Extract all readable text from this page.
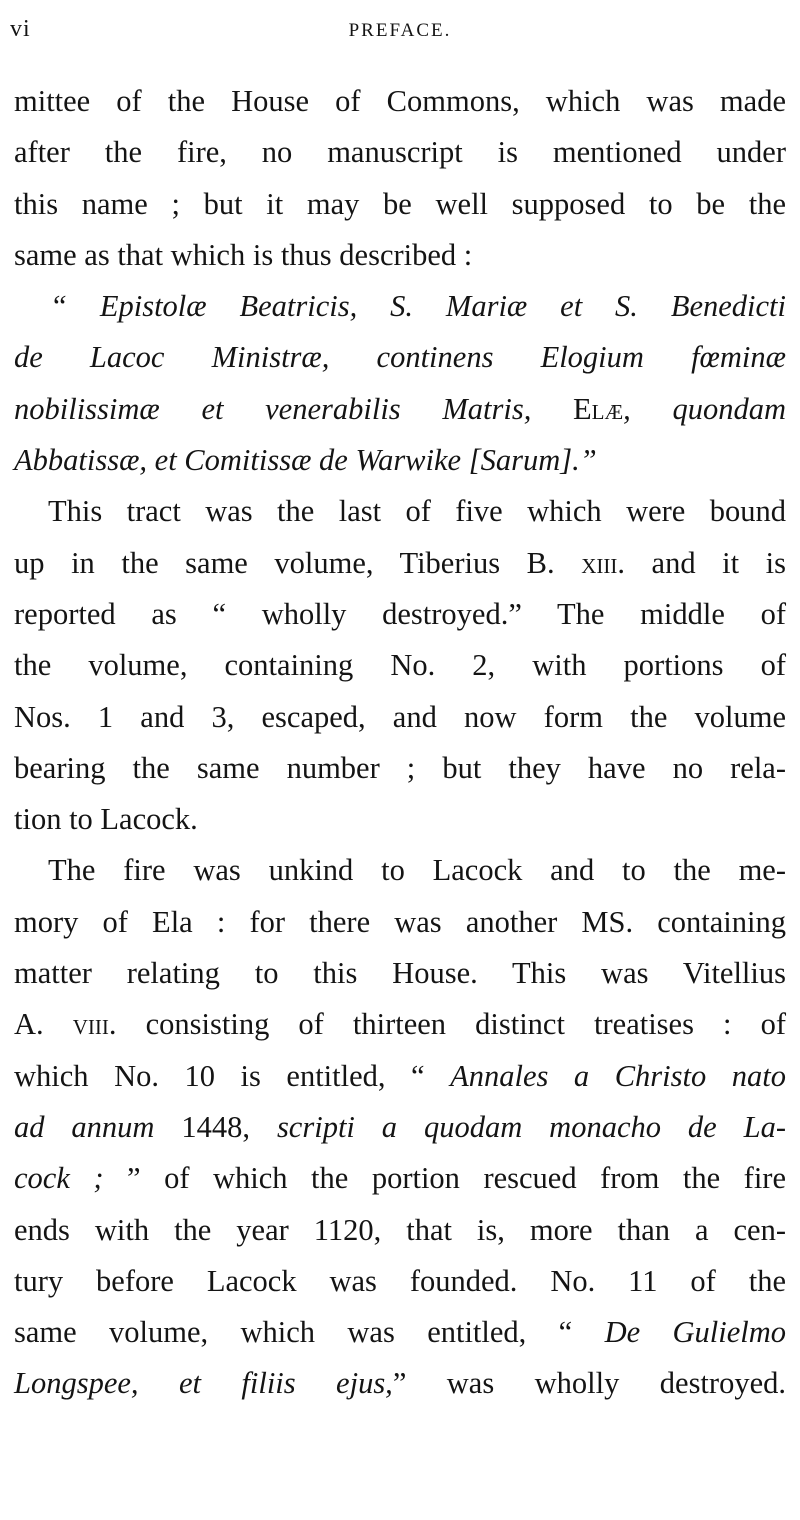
vi	PREFACE.
mittee of the House of Commons, which was made
after the fire, no manuscript is mentioned under
this name ; but it may be well supposed to be the
same as that which is thus described :
“ Epistolæ Beatricis, S. Mariæ et S. Benedicti
de Lacoc Ministræ, continens Elogium fœminæ
nobilissimæ et venerabilis Matris, Elæ, quondam
Abbatissæ, et Comitissæ de Warwike [Sarum].”
This tract was the last of five which were bound
up in the same volume, Tiberius B. xiii. and it is
reported as “ wholly destroyed.” The middle of
the volume, containing No. 2, with portions of
Nos. 1 and 3, escaped, and now form the volume
bearing the same number ; but they have no rela-
tion to Lacock.
The fire was unkind to Lacock and to the me-
mory of Ela : for there was another MS. containing
matter relating to this House. This was Vitellius
A. viii. consisting of thirteen distinct treatises : of
which No. 10 is entitled, “ Annales a Christo nato
ad annum 1448, scripti a quodam monacho de La-
cock ; ” of which the portion rescued from the fire
ends with the year 1120, that is, more than a cen-
tury before Lacock was founded. No. 11 of the
same volume, which was entitled, “ De Gulielmo
Longspee, et filiis ejus,” was wholly destroyed.
